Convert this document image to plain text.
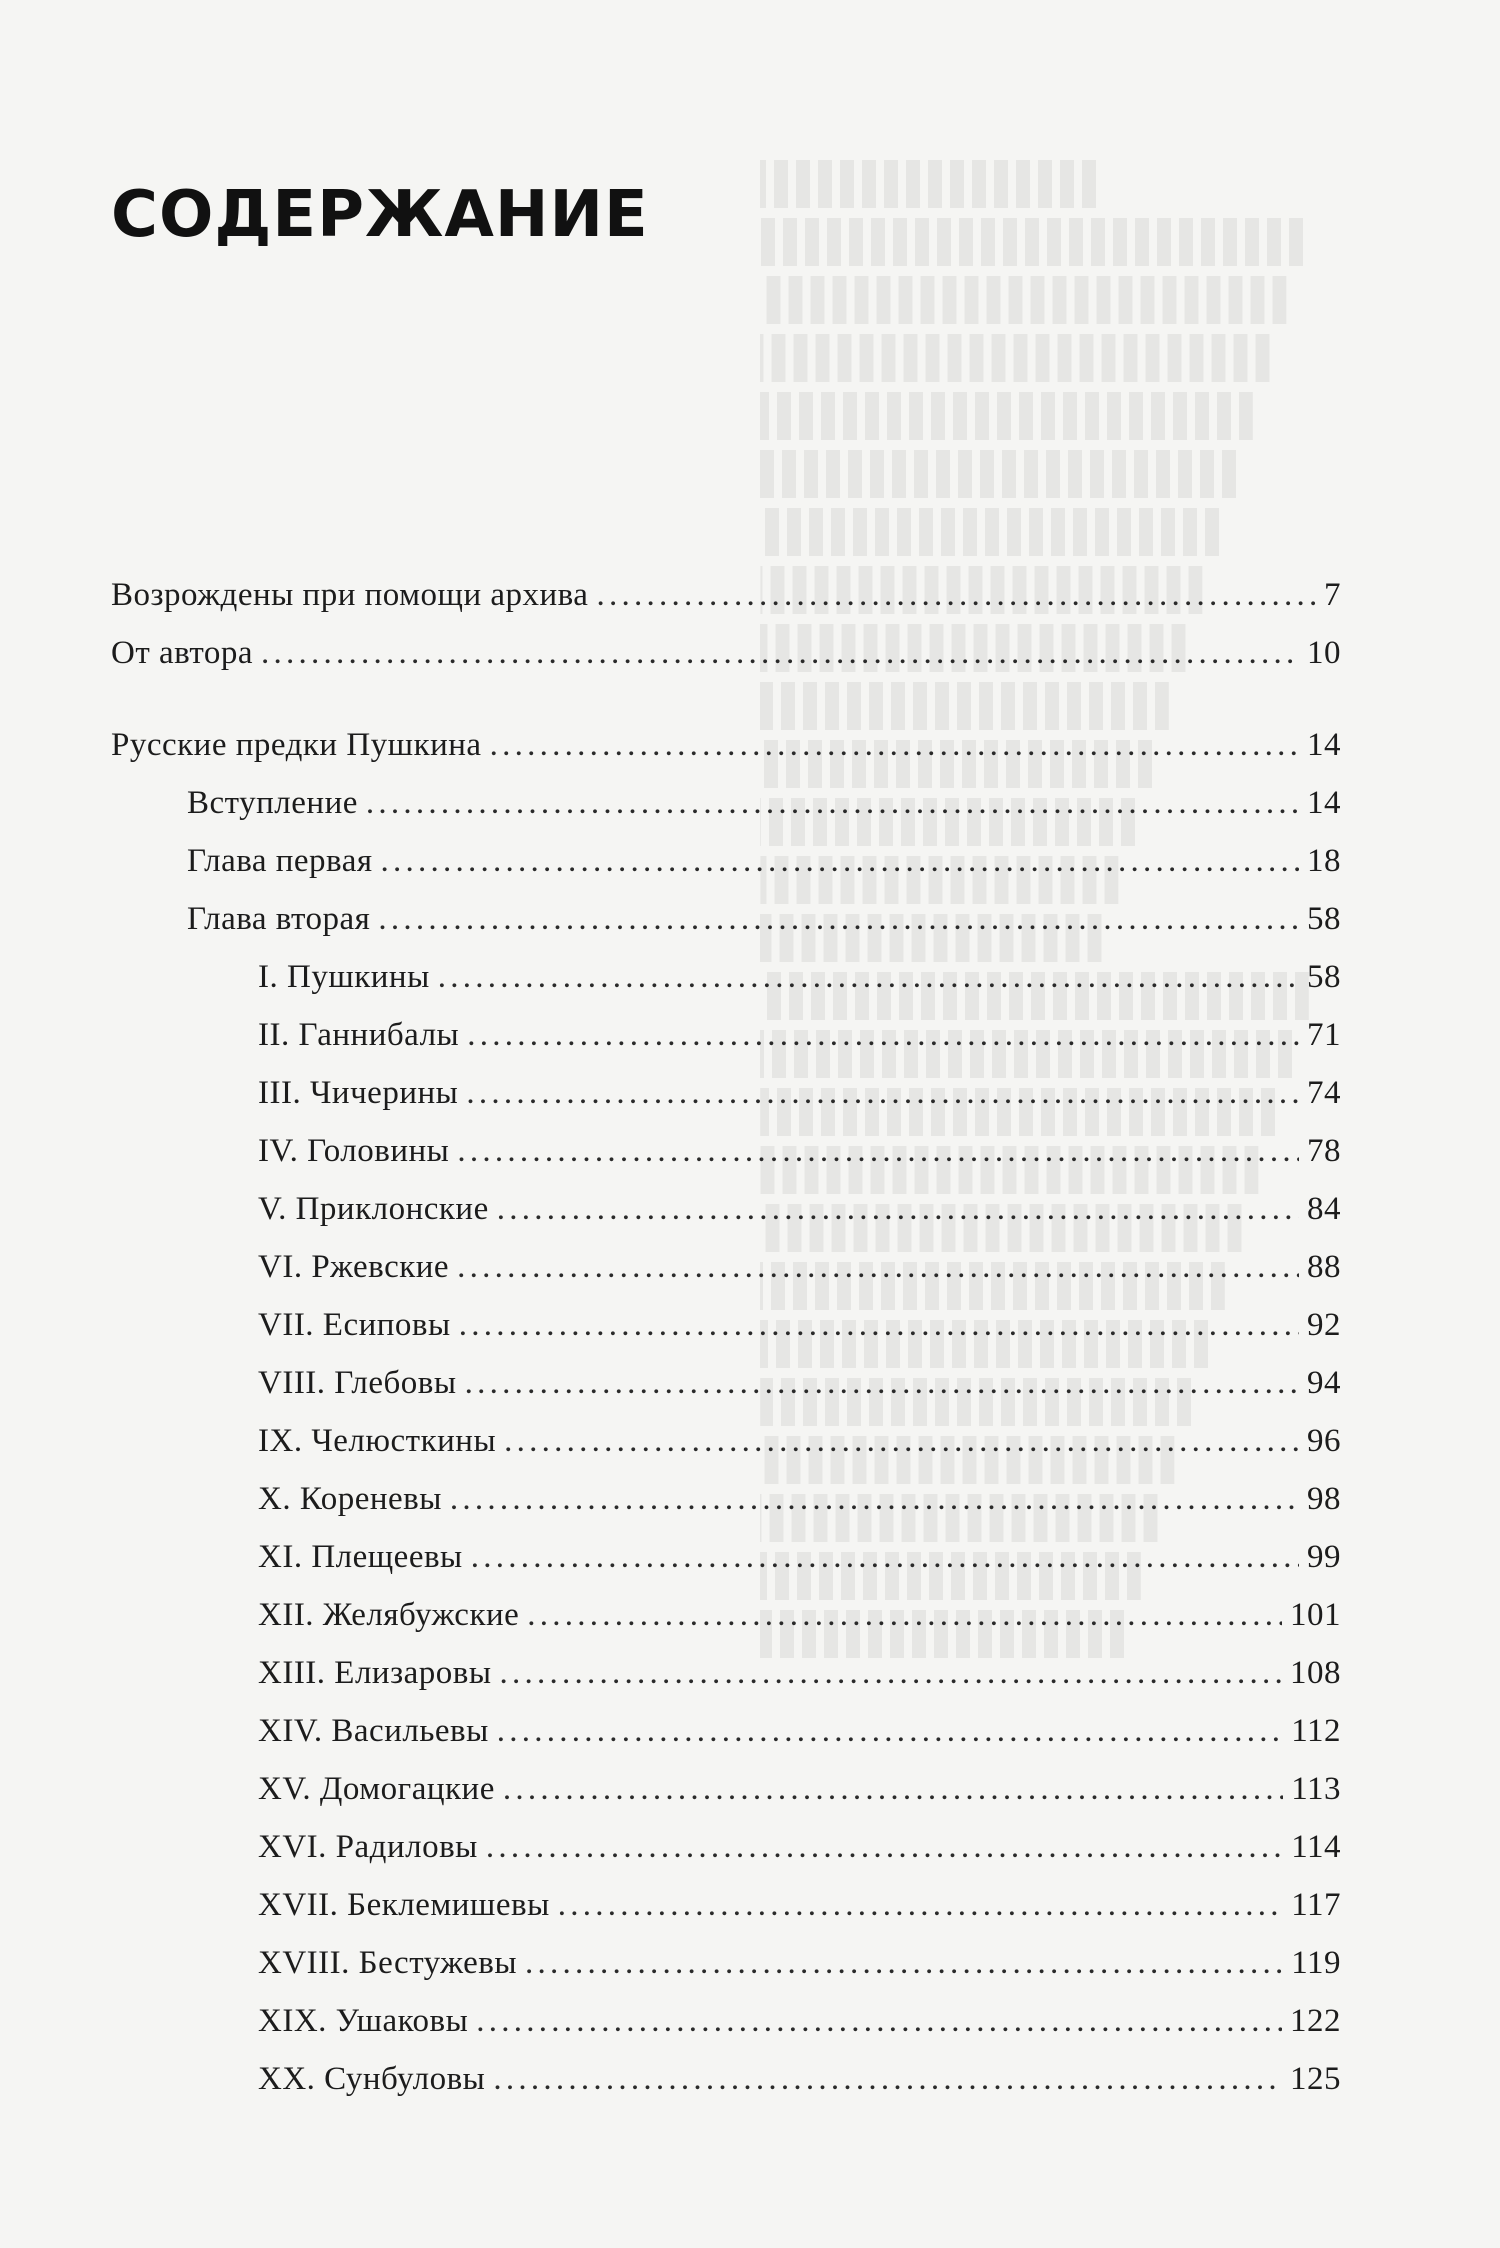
СОДЕРЖАНИЕ
Возрождены при помощи архива . . .	7
От автора . . .	10
Русские предки Пушкина . . .	14
Вступление . . .	14
Глава первая . . .	18
Глава вторая . . .	58
I. Пушкины . . .	58
II. Ганнибалы . . .	71
III. Чичерины . . .	74
IV. Головины . . .	78
V. Приклонские . . .	84
VI. Ржевские . . .	88
VII. Есиповы . . .	92
VIII. Глебовы . . .	94
IX. Челюсткины . . .	96
X. Кореневы . . .	98
XI. Плещеевы . . .	99
XII. Желябужские . . .	101
XIII. Елизаровы . . .	108
XIV. Васильевы . . .	112
XV. Домогацкие . . .	113
XVI. Радиловы . . .	114
XVII. Беклемишевы . . .	117
XVIII. Бестужевы . . .	119
XIX. Ушаковы . . .	122
XX. Сунбуловы . . .	125
